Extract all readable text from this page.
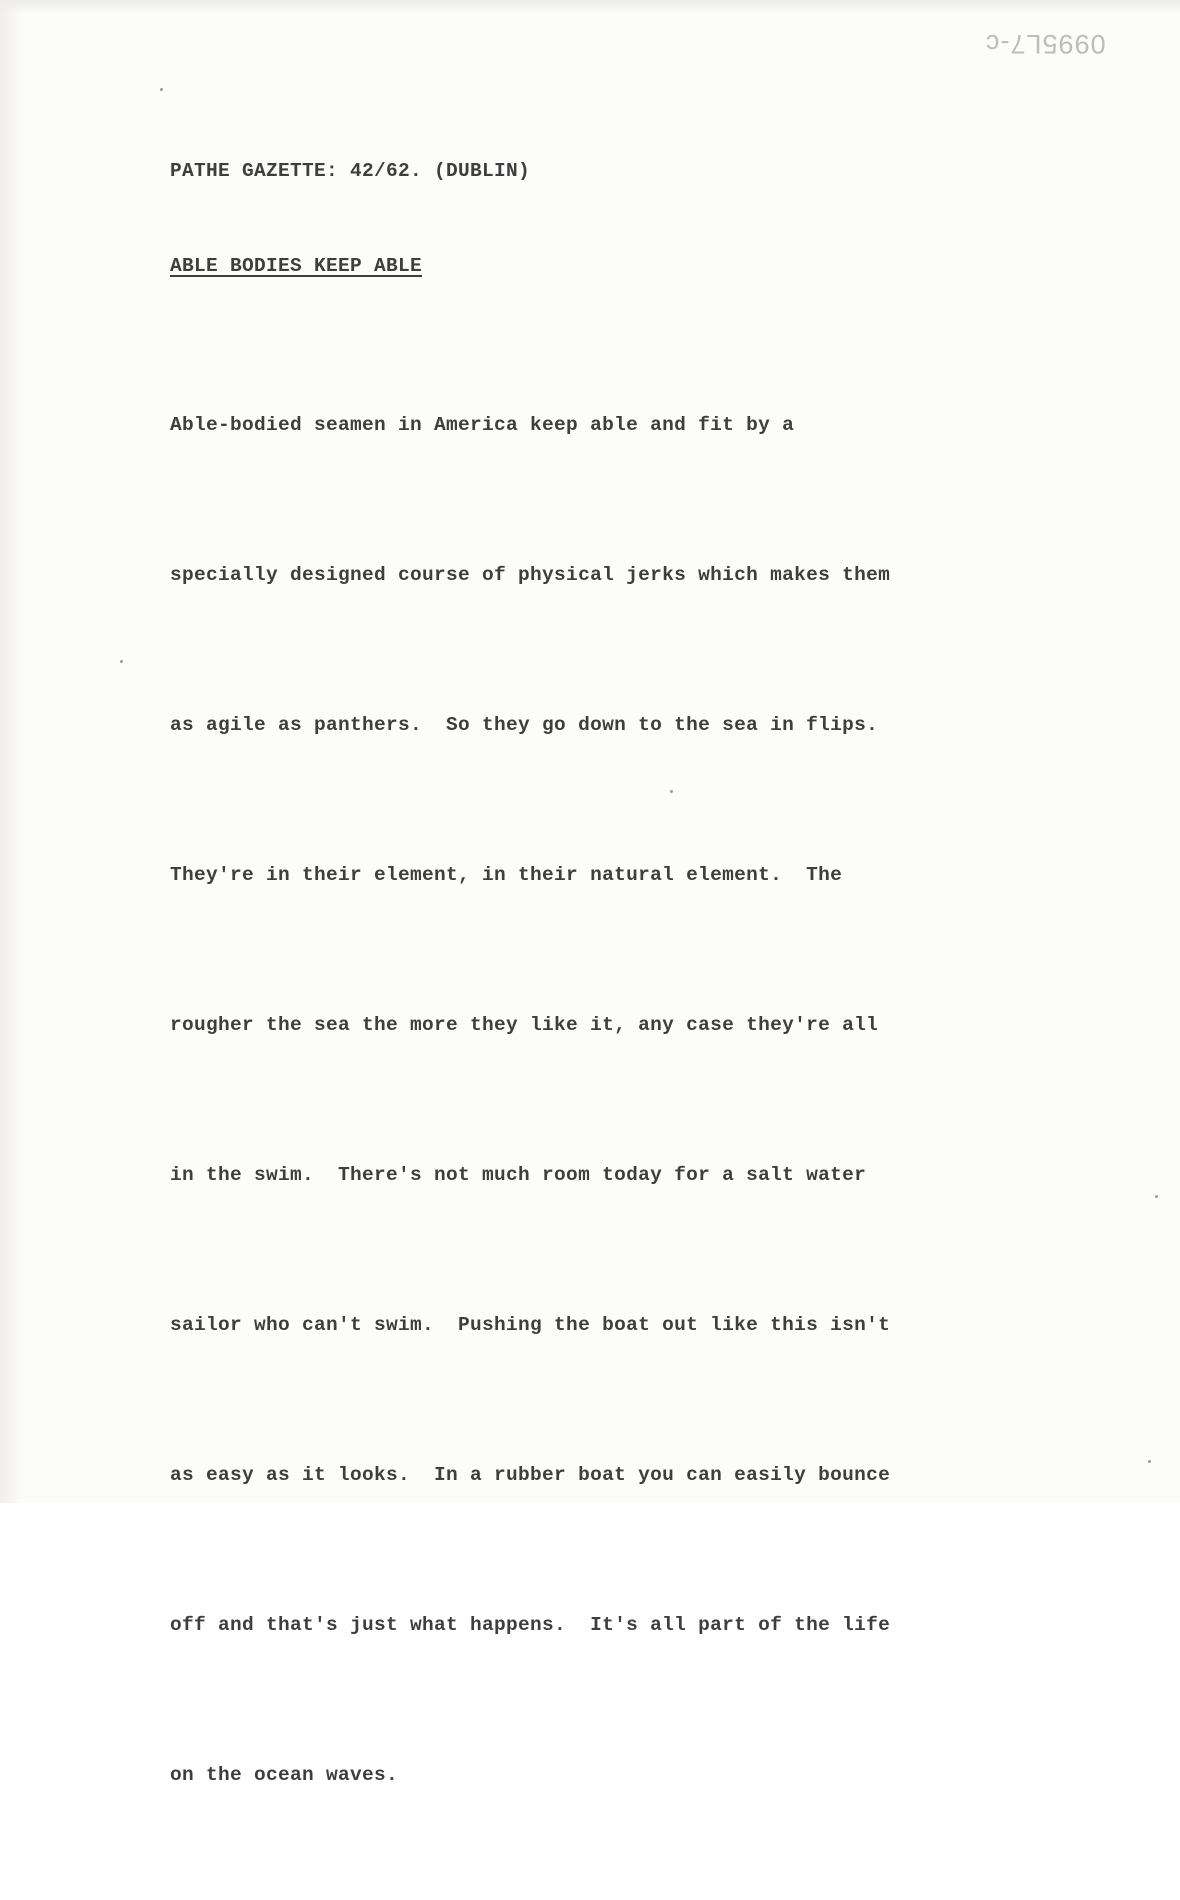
0995L7-c
PATHE GAZETTE: 42/62. (DUBLIN)
ABLE BODIES KEEP ABLE

Able-bodied seamen in America keep able and fit by a

specially designed course of physical jerks which makes them

as agile as panthers.  So they go down to the sea in flips.

They're in their element, in their natural element.  The

rougher the sea the more they like it, any case they're all

in the swim.  There's not much room today for a salt water

sailor who can't swim.  Pushing the boat out like this isn't

as easy as it looks.  In a rubber boat you can easily bounce

off and that's just what happens.  It's all part of the life

on the ocean waves.
